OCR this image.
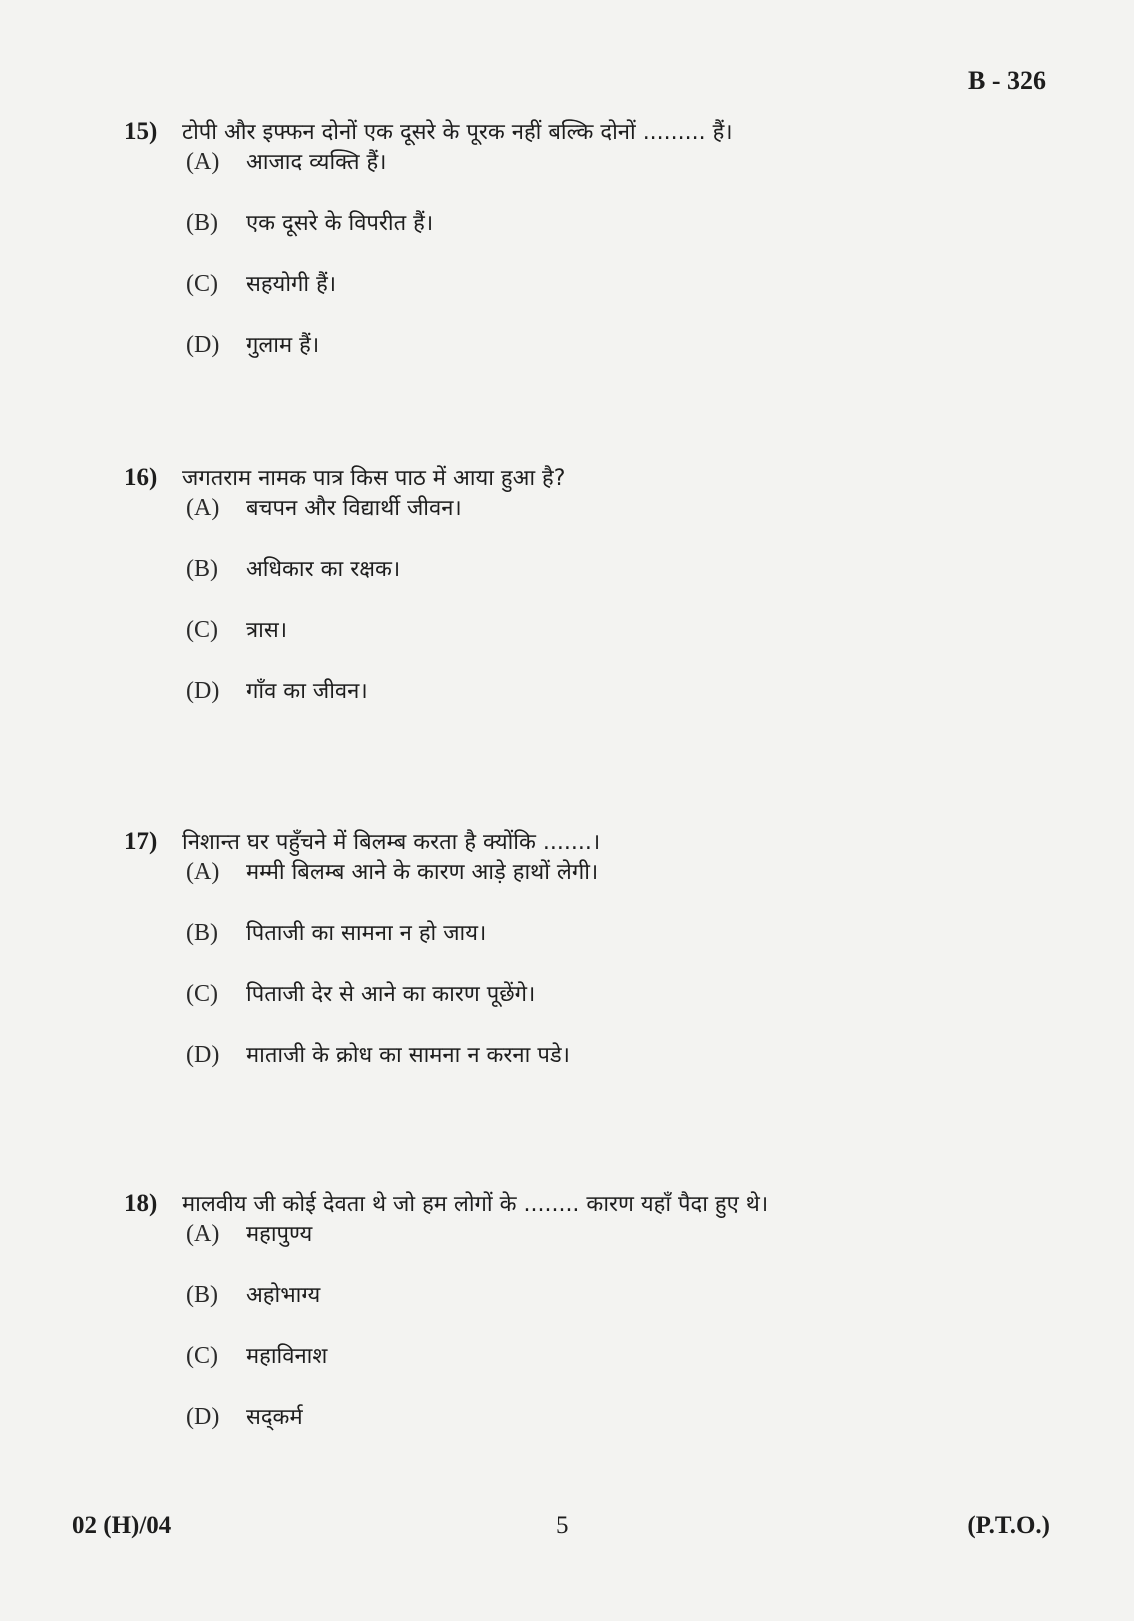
B - 326
15)	टोपी और इफ्फन दोनों एक दूसरे के पूरक नहीं बल्कि दोनों ......... हैं।
(A)	आजाद व्यक्ति हैं।
(B)	एक दूसरे के विपरीत हैं।
(C)	सहयोगी हैं।
(D)	गुलाम हैं।
16)	जगतराम नामक पात्र किस पाठ में आया हुआ है?
(A)	बचपन और विद्यार्थी जीवन।
(B)	अधिकार का रक्षक।
(C)	त्रास।
(D)	गाँव का जीवन।
17)	निशान्त घर पहुँचने में बिलम्ब करता है क्योंकि .......।
(A)	मम्मी बिलम्ब आने के कारण आड़े हाथों लेगी।
(B)	पिताजी का सामना न हो जाय।
(C)	पिताजी देर से आने का कारण पूछेंगे।
(D)	माताजी के क्रोध का सामना न करना पडे।
18)	मालवीय जी कोई देवता थे जो हम लोगों के ........ कारण यहाँ पैदा हुए थे।
(A)	महापुण्य
(B)	अहोभाग्य
(C)	महाविनाश
(D)	सद्‌कर्म
02 (H)/04	5	(P.T.O.)
